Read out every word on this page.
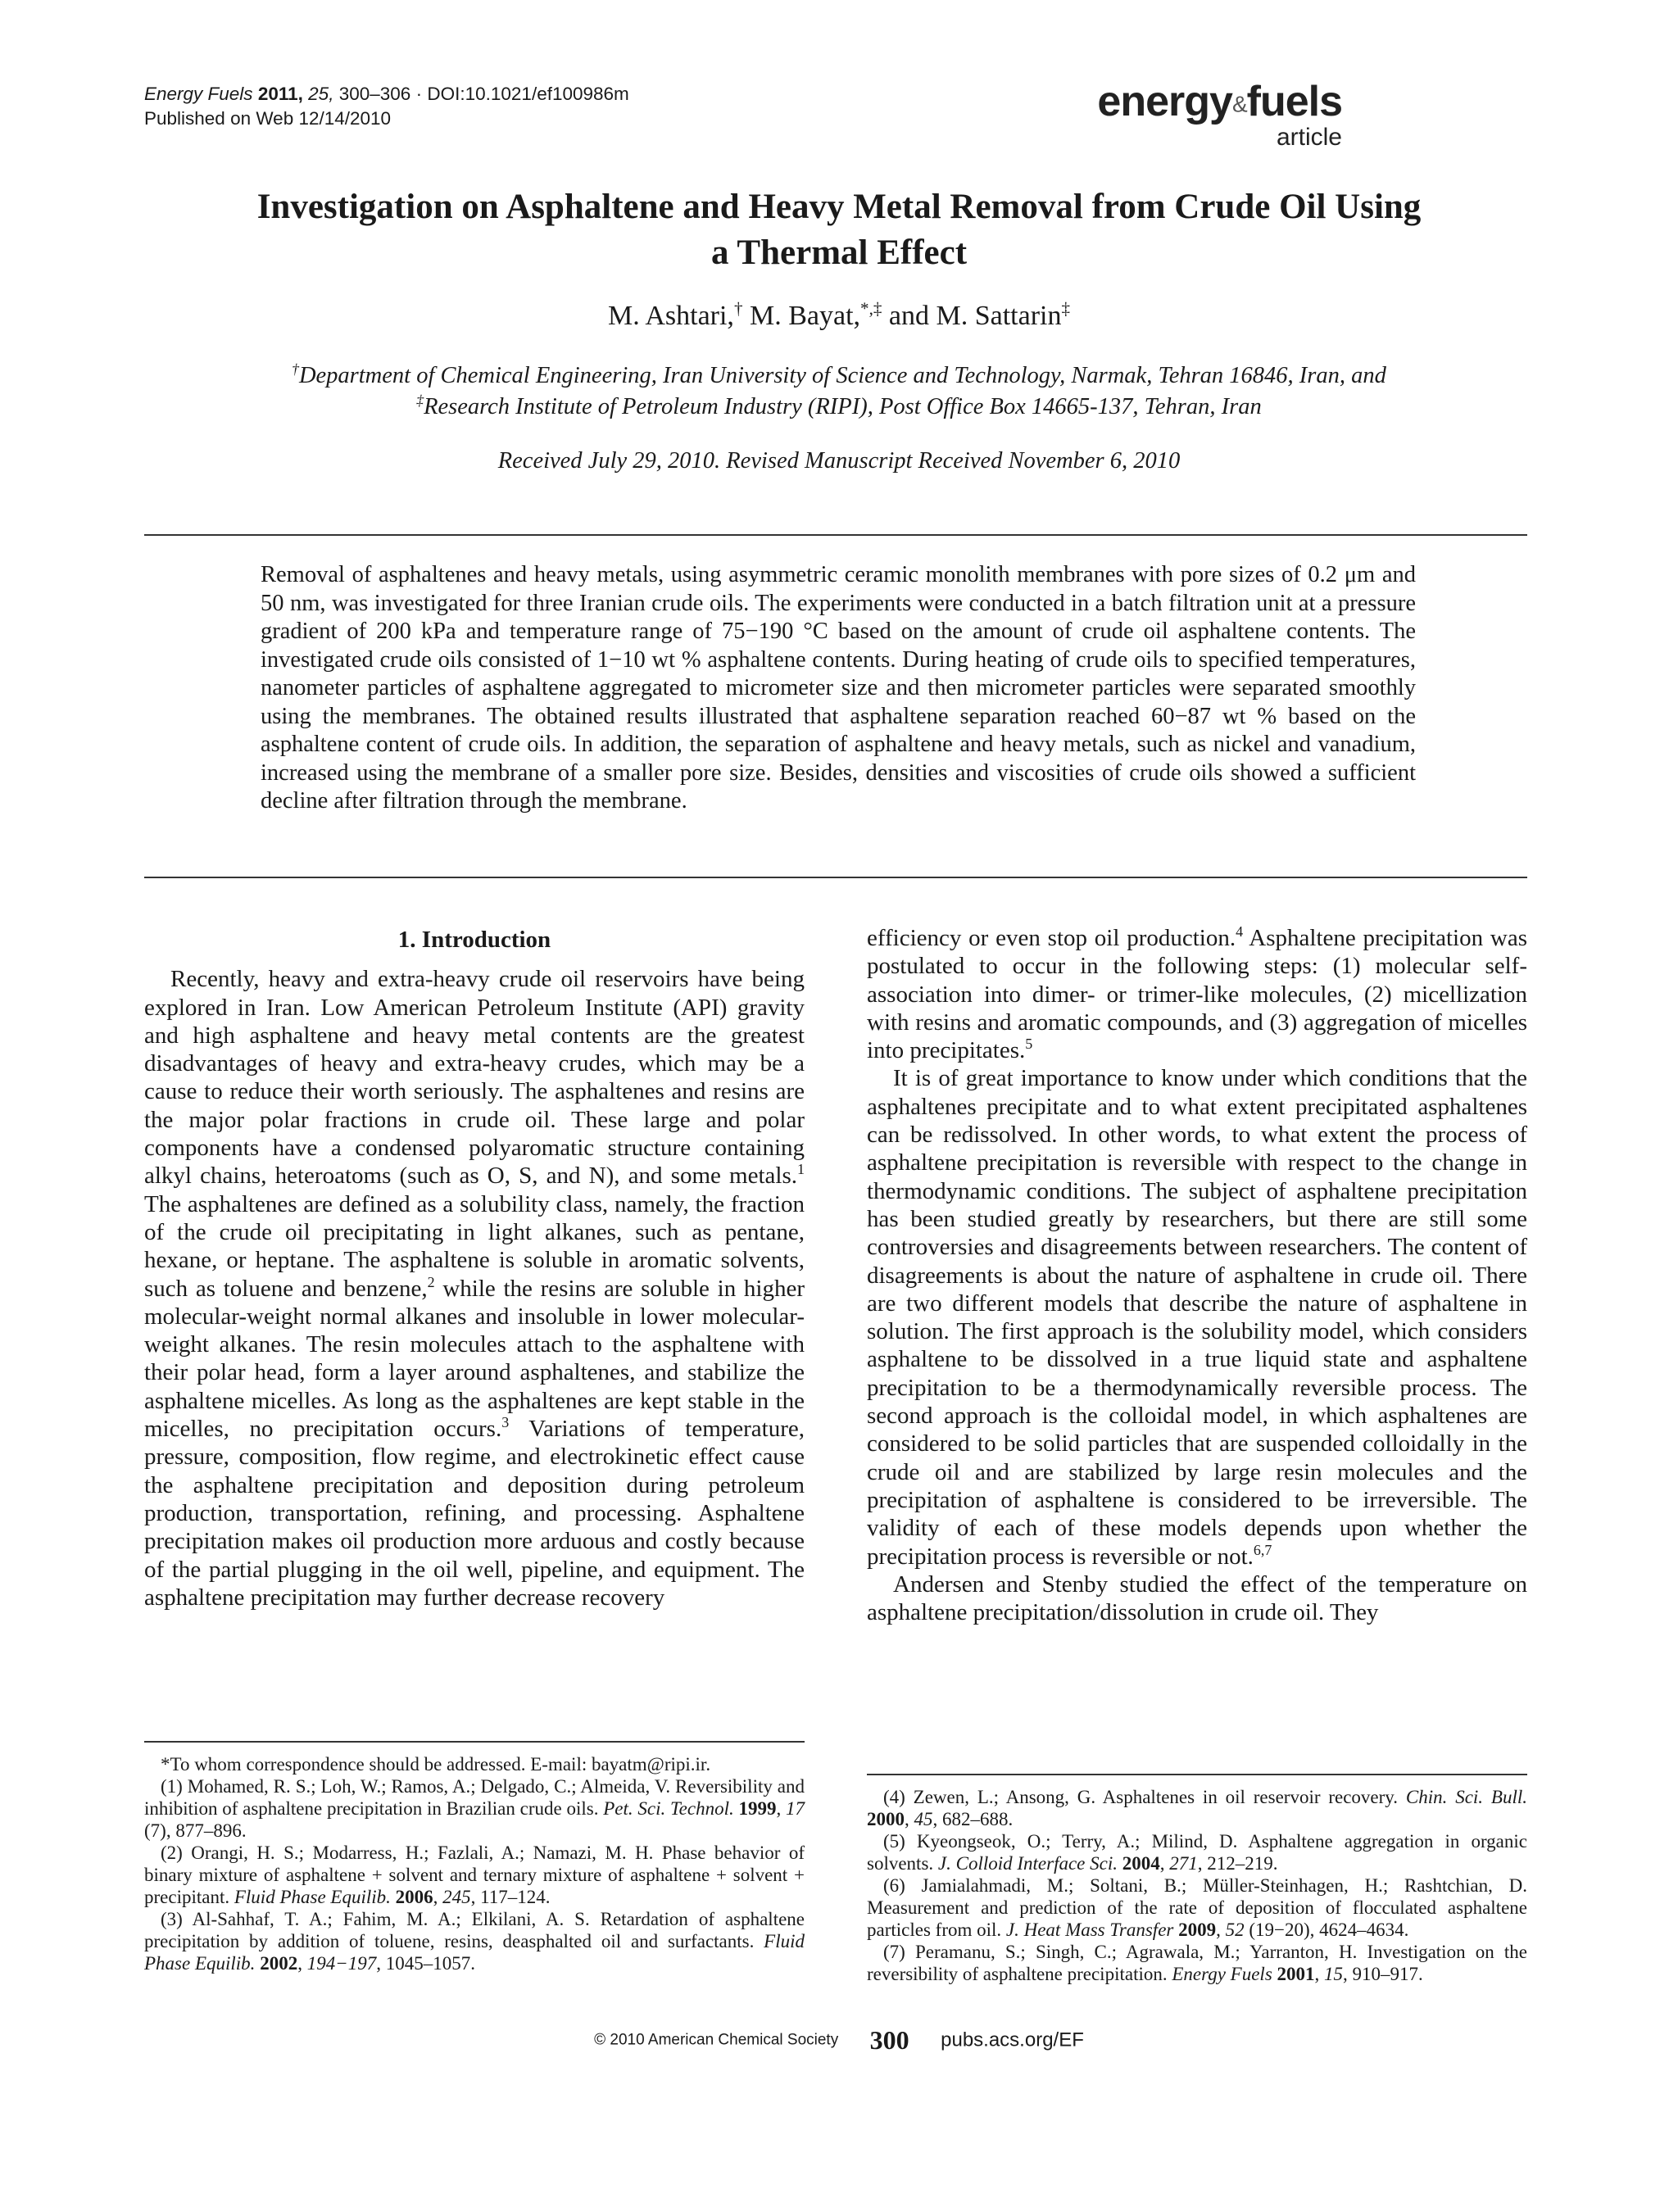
Energy Fuels 2011, 25, 300–306 · DOI:10.1021/ef100986m
Published on Web 12/14/2010	energy&fuels
article
Investigation on Asphaltene and Heavy Metal Removal from Crude Oil Using
a Thermal Effect
M. Ashtari,† M. Bayat,*,‡ and M. Sattarin‡
†Department of Chemical Engineering, Iran University of Science and Technology, Narmak, Tehran 16846, Iran, and
‡Research Institute of Petroleum Industry (RIPI), Post Office Box 14665-137, Tehran, Iran
Received July 29, 2010. Revised Manuscript Received November 6, 2010
Removal of asphaltenes and heavy metals, using asymmetric ceramic monolith membranes with pore sizes of 0.2 μm and 50 nm, was investigated for three Iranian crude oils. The experiments were conducted in a batch filtration unit at a pressure gradient of 200 kPa and temperature range of 75−190 °C based on the amount of crude oil asphaltene contents. The investigated crude oils consisted of 1−10 wt % asphaltene contents. During heating of crude oils to specified temperatures, nanometer particles of asphaltene aggregated to micrometer size and then micrometer particles were separated smoothly using the membranes. The obtained results illustrated that asphaltene separation reached 60−87 wt % based on the asphaltene content of crude oils. In addition, the separation of asphaltene and heavy metals, such as nickel and vanadium, increased using the membrane of a smaller pore size. Besides, densities and viscosities of crude oils showed a sufficient decline after filtration through the membrane.
1. Introduction

Recently, heavy and extra-heavy crude oil reservoirs have being explored in Iran. Low American Petroleum Institute (API) gravity and high asphaltene and heavy metal contents are the greatest disadvantages of heavy and extra-heavy crudes, which may be a cause to reduce their worth seriously. The asphaltenes and resins are the major polar fractions in crude oil. These large and polar components have a condensed polyaromatic structure containing alkyl chains, heteroatoms (such as O, S, and N), and some metals.$^1$ The asphaltenes are defined as a solubility class, namely, the fraction of the crude oil precipitating in light alkanes, such as pentane, hexane, or heptane. The asphaltene is soluble in aromatic solvents, such as toluene and benzene,$^2$ while the resins are soluble in higher molecular-weight normal alkanes and insoluble in lower molecular-weight alkanes. The resin molecules attach to the asphaltene with their polar head, form a layer around asphaltenes, and stabilize the asphaltene micelles. As long as the asphaltenes are kept stable in the micelles, no precipitation occurs.$^3$ Variations of temperature, pressure, composition, flow regime, and electrokinetic effect cause the asphaltene precipitation and deposition during petroleum production, transportation, refining, and processing. Asphaltene precipitation makes oil production more arduous and costly because of the partial plugging in the oil well, pipeline, and equipment. The asphaltene precipitation may further decrease recovery

efficiency or even stop oil production.$^4$ Asphaltene precipitation was postulated to occur in the following steps: (1) molecular self-association into dimer- or trimer-like molecules, (2) micellization with resins and aromatic compounds, and (3) aggregation of micelles into precipitates.$^5$

It is of great importance to know under which conditions that the asphaltenes precipitate and to what extent precipitated asphaltenes can be redissolved. In other words, to what extent the process of asphaltene precipitation is reversible with respect to the change in thermodynamic conditions. The subject of asphaltene precipitation has been studied greatly by researchers, but there are still some controversies and disagreements between researchers. The content of disagreements is about the nature of asphaltene in crude oil. There are two different models that describe the nature of asphaltene in solution. The first approach is the solubility model, which considers asphaltene to be dissolved in a true liquid state and asphaltene precipitation to be a thermodynamically reversible process. The second approach is the colloidal model, in which asphaltenes are considered to be solid particles that are suspended colloidally in the crude oil and are stabilized by large resin molecules and the precipitation of asphaltene is considered to be irreversible. The validity of each of these models depends upon whether the precipitation process is reversible or not.$^{6,7}$

Andersen and Stenby studied the effect of the temperature on asphaltene precipitation/dissolution in crude oil. They

*To whom correspondence should be addressed. E-mail: bayatm@ripi.ir.

(1) Mohamed, R. S.; Loh, W.; Ramos, A.; Delgado, C.; Almeida, V. Reversibility and inhibition of asphaltene precipitation in Brazilian crude oils. Pet. Sci. Technol. 1999, 17 (7), 877–896.

(2) Orangi, H. S.; Modarress, H.; Fazlali, A.; Namazi, M. H. Phase behavior of binary mixture of asphaltene + solvent and ternary mixture of asphaltene + solvent + precipitant. Fluid Phase Equilib. 2006, 245, 117–124.

(3) Al-Sahhaf, T. A.; Fahim, M. A.; Elkilani, A. S. Retardation of asphaltene precipitation by addition of toluene, resins, deasphalted oil and surfactants. Fluid Phase Equilib. 2002, 194−197, 1045–1057.

(4) Zewen, L.; Ansong, G. Asphaltenes in oil reservoir recovery. Chin. Sci. Bull. 2000, 45, 682–688.

(5) Kyeongseok, O.; Terry, A.; Milind, D. Asphaltene aggregation in organic solvents. J. Colloid Interface Sci. 2004, 271, 212–219.

(6) Jamialahmadi, M.; Soltani, B.; Müller-Steinhagen, H.; Rashtchian, D. Measurement and prediction of the rate of deposition of flocculated asphaltene particles from oil. J. Heat Mass Transfer 2009, 52 (19−20), 4624–4634.

(7) Peramanu, S.; Singh, C.; Agrawala, M.; Yarranton, H. Investigation on the reversibility of asphaltene precipitation. Energy Fuels 2001, 15, 910–917.

© 2010 American Chemical Society 300 pubs.acs.org/EF
